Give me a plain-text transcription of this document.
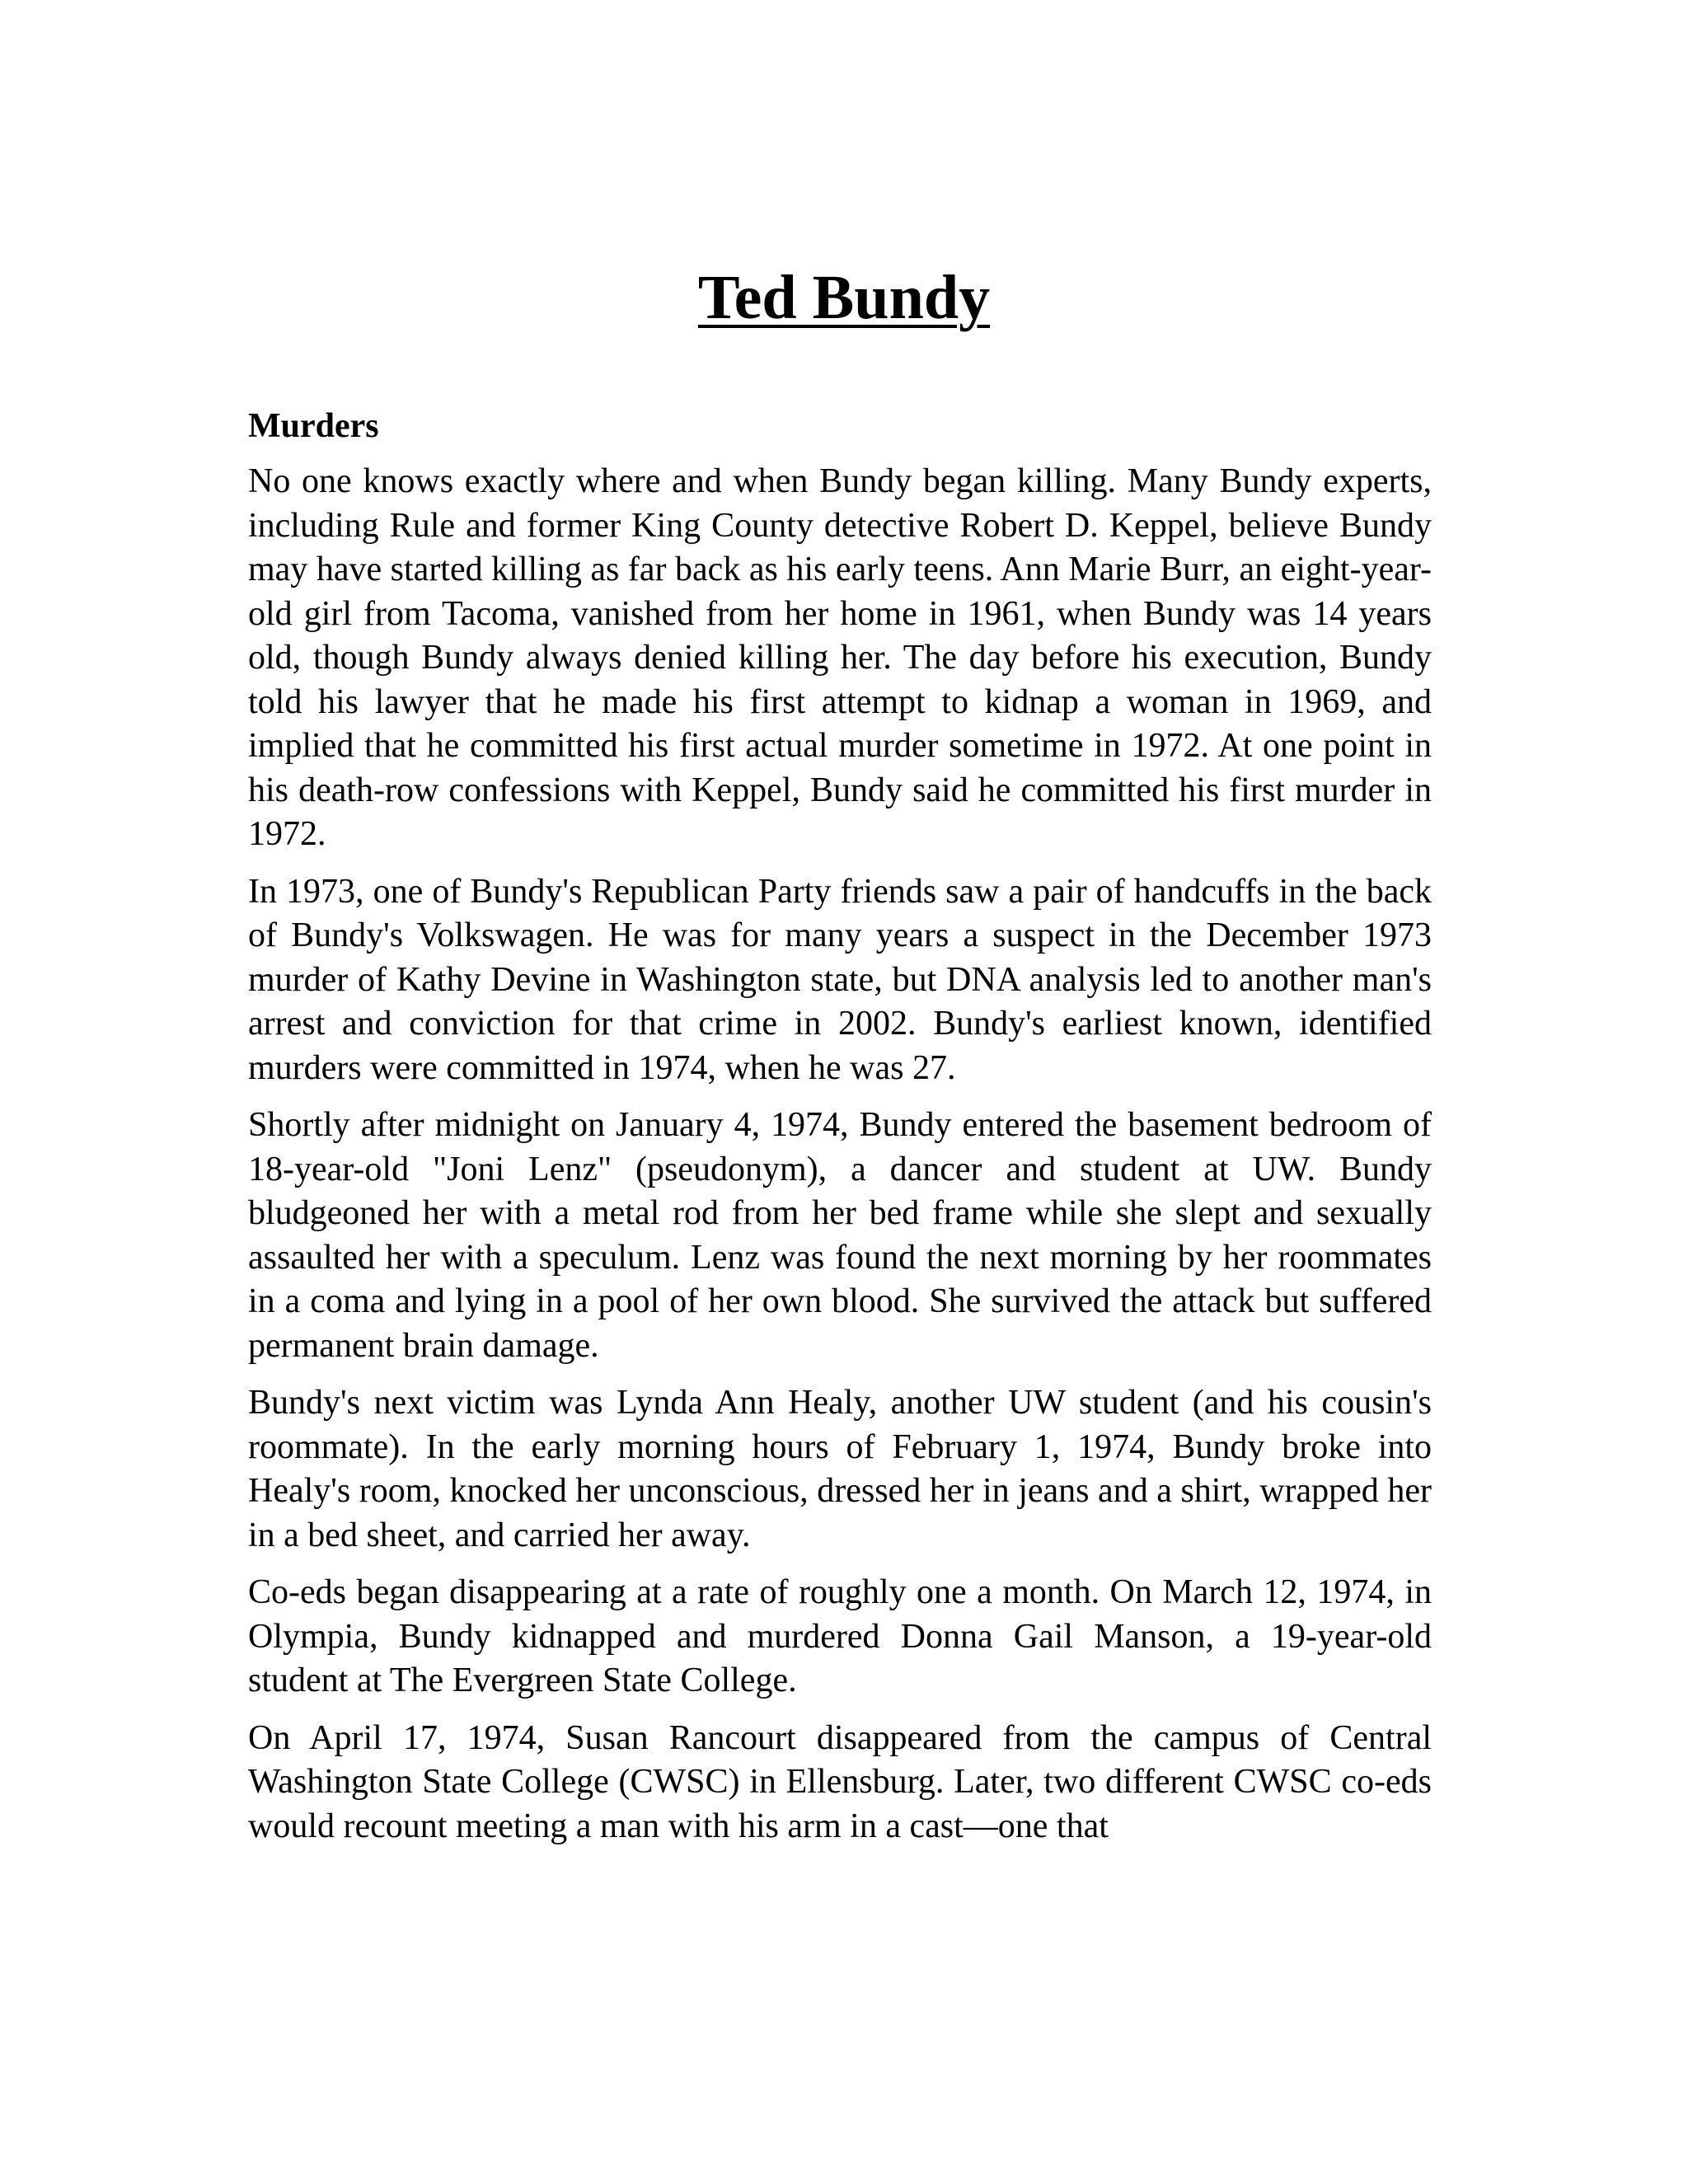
Ted Bundy
Murders

No one knows exactly where and when Bundy began killing. Many Bundy experts, including Rule and former King County detective Robert D. Keppel, believe Bundy may have started killing as far back as his early teens. Ann Marie Burr, an eight-year-old girl from Tacoma, vanished from her home in 1961, when Bundy was 14 years old, though Bundy always denied killing her. The day before his execution, Bundy told his lawyer that he made his first attempt to kidnap a woman in 1969, and implied that he committed his first actual murder sometime in 1972. At one point in his death-row confessions with Keppel, Bundy said he committed his first murder in 1972.

In 1973, one of Bundy's Republican Party friends saw a pair of handcuffs in the back of Bundy's Volkswagen. He was for many years a suspect in the December 1973 murder of Kathy Devine in Washington state, but DNA analysis led to another man's arrest and conviction for that crime in 2002. Bundy's earliest known, identified murders were committed in 1974, when he was 27.

Shortly after midnight on January 4, 1974, Bundy entered the basement bedroom of 18-year-old "Joni Lenz" (pseudonym), a dancer and student at UW. Bundy bludgeoned her with a metal rod from her bed frame while she slept and sexually assaulted her with a speculum. Lenz was found the next morning by her roommates in a coma and lying in a pool of her own blood. She survived the attack but suffered permanent brain damage.

Bundy's next victim was Lynda Ann Healy, another UW student (and his cousin's roommate). In the early morning hours of February 1, 1974, Bundy broke into Healy's room, knocked her unconscious, dressed her in jeans and a shirt, wrapped her in a bed sheet, and carried her away.

Co-eds began disappearing at a rate of roughly one a month. On March 12, 1974, in Olympia, Bundy kidnapped and murdered Donna Gail Manson, a 19-year-old student at The Evergreen State College.

On April 17, 1974, Susan Rancourt disappeared from the campus of Central Washington State College (CWSC) in Ellensburg. Later, two different CWSC co-eds would recount meeting a man with his arm in a cast—one that
